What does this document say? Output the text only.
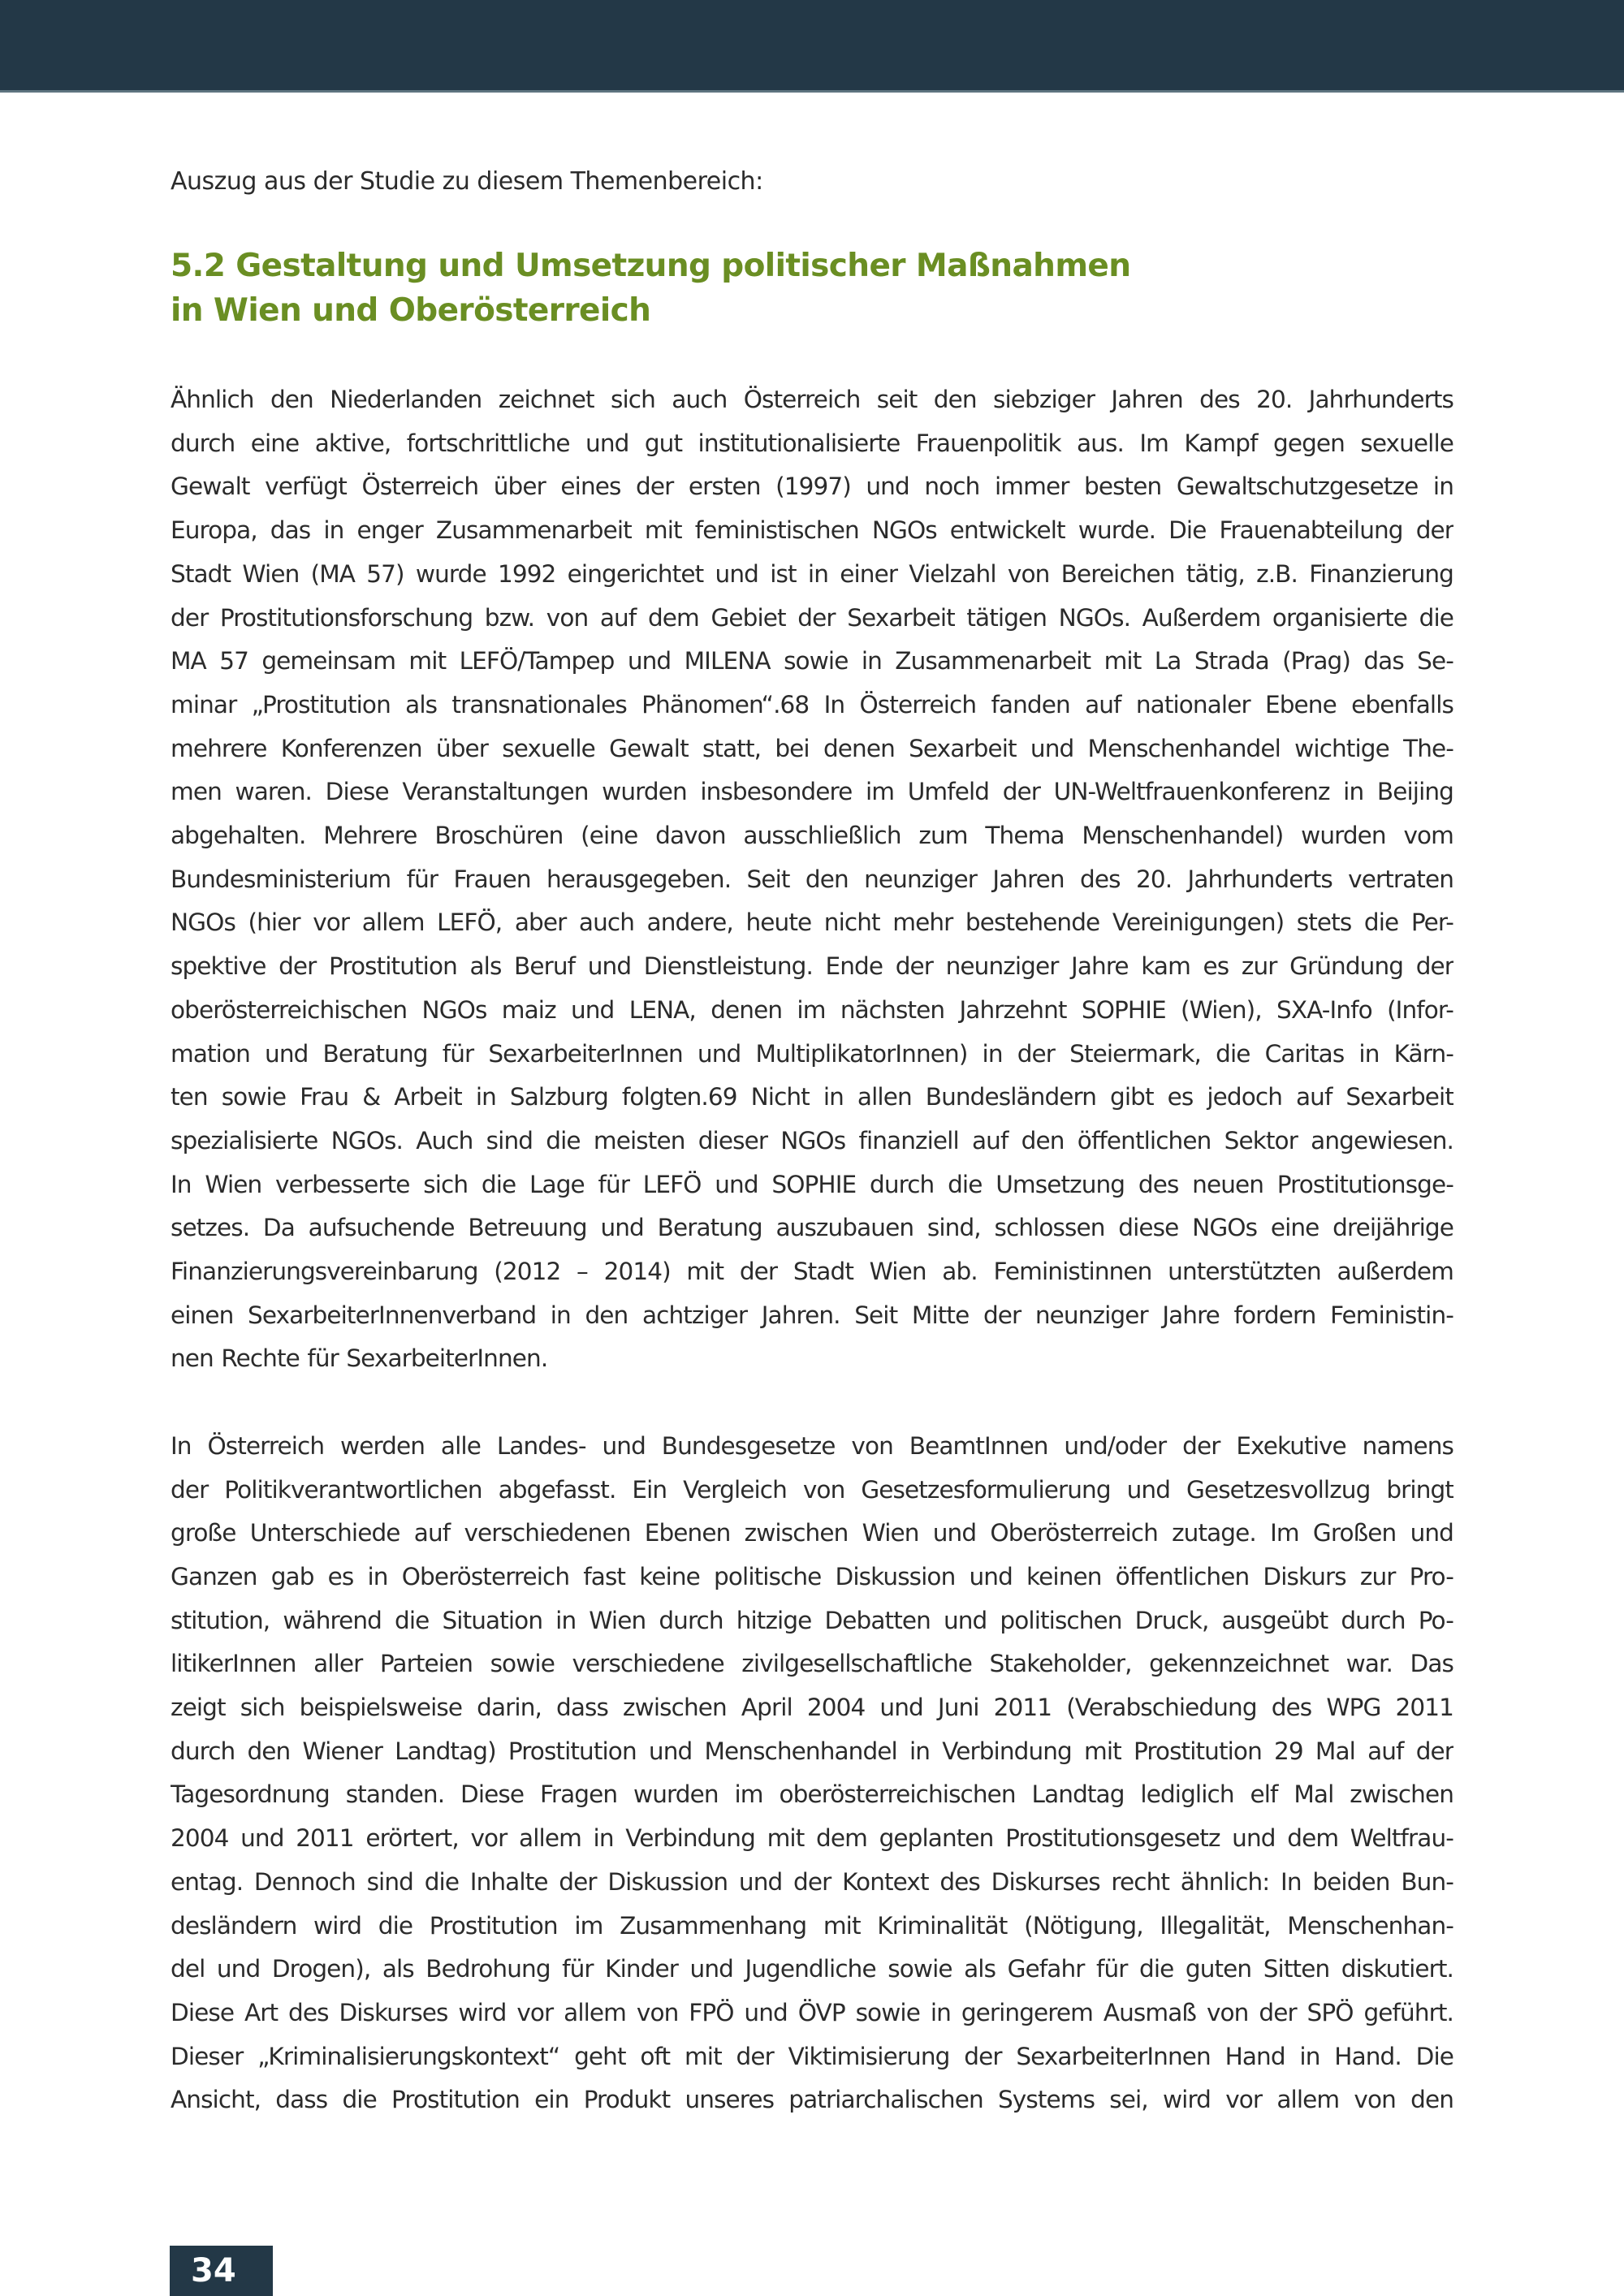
Auszug aus der Studie zu diesem Themenbereich:
5.2 Gestaltung und Umsetzung politischer Maßnahmen
in Wien und Oberösterreich

Ähnlich den Niederlanden zeichnet sich auch Österreich seit den siebziger Jahren des 20. Jahrhunderts
durch eine aktive, fortschrittliche und gut institutionalisierte Frauenpolitik aus. Im Kampf gegen sexuelle
Gewalt verfügt Österreich über eines der ersten (1997) und noch immer besten Gewaltschutzgesetze in
Europa, das in enger Zusammenarbeit mit feministischen NGOs entwickelt wurde. Die Frauenabteilung der
Stadt Wien (MA 57) wurde 1992 eingerichtet und ist in einer Vielzahl von Bereichen tätig, z.B. Finanzierung
der Prostitutionsforschung bzw. von auf dem Gebiet der Sexarbeit tätigen NGOs. Außerdem organisierte die
MA 57 gemeinsam mit LEFÖ/Tampep und MILENA sowie in Zusammenarbeit mit La Strada (Prag) das Se-
minar „Prostitution als transnationales Phänomen“.68 In Österreich fanden auf nationaler Ebene ebenfalls
mehrere Konferenzen über sexuelle Gewalt statt, bei denen Sexarbeit und Menschenhandel wichtige The-
men waren. Diese Veranstaltungen wurden insbesondere im Umfeld der UN-Weltfrauenkonferenz in Beijing
abgehalten. Mehrere Broschüren (eine davon ausschließlich zum Thema Menschenhandel) wurden vom
Bundesministerium für Frauen herausgegeben. Seit den neunziger Jahren des 20. Jahrhunderts vertraten
NGOs (hier vor allem LEFÖ, aber auch andere, heute nicht mehr bestehende Vereinigungen) stets die Per-
spektive der Prostitution als Beruf und Dienstleistung. Ende der neunziger Jahre kam es zur Gründung der
oberösterreichischen NGOs maiz und LENA, denen im nächsten Jahrzehnt SOPHIE (Wien), SXA-Info (Infor-
mation und Beratung für SexarbeiterInnen und MultiplikatorInnen) in der Steiermark, die Caritas in Kärn-
ten sowie Frau & Arbeit in Salzburg folgten.69 Nicht in allen Bundesländern gibt es jedoch auf Sexarbeit
spezialisierte NGOs. Auch sind die meisten dieser NGOs finanziell auf den öffentlichen Sektor angewiesen.
In Wien verbesserte sich die Lage für LEFÖ und SOPHIE durch die Umsetzung des neuen Prostitutionsge-
setzes. Da aufsuchende Betreuung und Beratung auszubauen sind, schlossen diese NGOs eine dreijährige
Finanzierungsvereinbarung (2012 – 2014) mit der Stadt Wien ab. Feministinnen unterstützten außerdem
einen SexarbeiterInnenverband in den achtziger Jahren. Seit Mitte der neunziger Jahre fordern Feministin-
nen Rechte für SexarbeiterInnen.

In Österreich werden alle Landes- und Bundesgesetze von BeamtInnen und/oder der Exekutive namens
der Politikverantwortlichen abgefasst. Ein Vergleich von Gesetzesformulierung und Gesetzesvollzug bringt
große Unterschiede auf verschiedenen Ebenen zwischen Wien und Oberösterreich zutage. Im Großen und
Ganzen gab es in Oberösterreich fast keine politische Diskussion und keinen öffentlichen Diskurs zur Pro-
stitution, während die Situation in Wien durch hitzige Debatten und politischen Druck, ausgeübt durch Po-
litikerInnen aller Parteien sowie verschiedene zivilgesellschaftliche Stakeholder, gekennzeichnet war. Das
zeigt sich beispielsweise darin, dass zwischen April 2004 und Juni 2011 (Verabschiedung des WPG 2011
durch den Wiener Landtag) Prostitution und Menschenhandel in Verbindung mit Prostitution 29 Mal auf der
Tagesordnung standen. Diese Fragen wurden im oberösterreichischen Landtag lediglich elf Mal zwischen
2004 und 2011 erörtert, vor allem in Verbindung mit dem geplanten Prostitutionsgesetz und dem Weltfrau-
entag. Dennoch sind die Inhalte der Diskussion und der Kontext des Diskurses recht ähnlich: In beiden Bun-
desländern wird die Prostitution im Zusammenhang mit Kriminalität (Nötigung, Illegalität, Menschenhan-
del und Drogen), als Bedrohung für Kinder und Jugendliche sowie als Gefahr für die guten Sitten diskutiert.
Diese Art des Diskurses wird vor allem von FPÖ und ÖVP sowie in geringerem Ausmaß von der SPÖ geführt.
Dieser „Kriminalisierungskontext“ geht oft mit der Viktimisierung der SexarbeiterInnen Hand in Hand. Die
Ansicht, dass die Prostitution ein Produkt unseres patriarchalischen Systems sei, wird vor allem von den

34
